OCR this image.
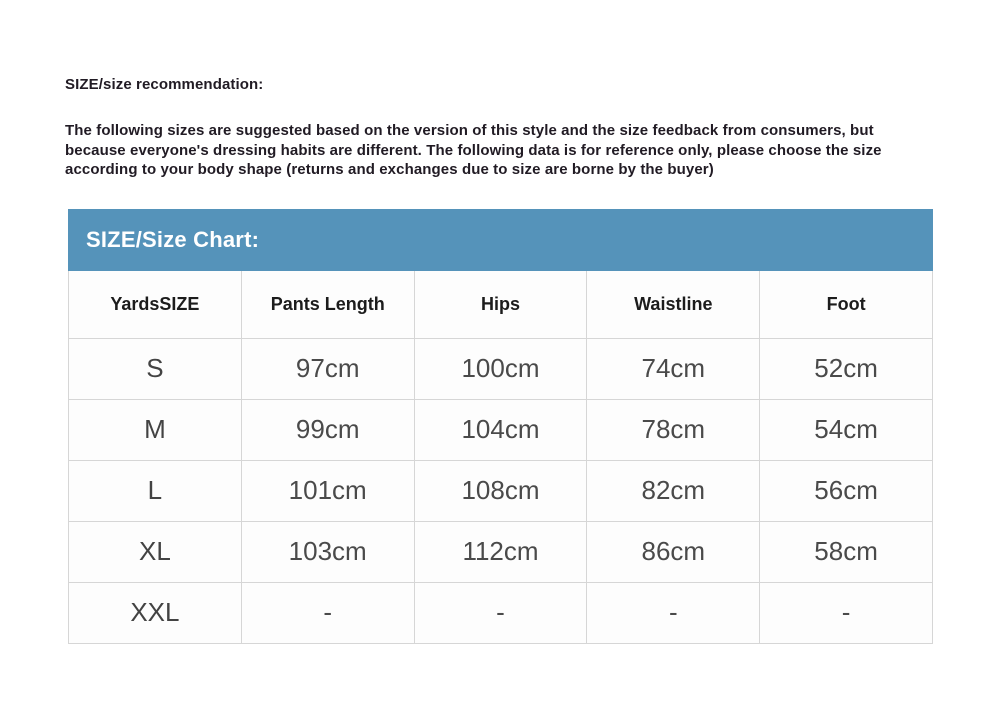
SIZE/size recommendation:

The following sizes are suggested based on the version of this style and the size feedback from consumers, but because everyone's dressing habits are different. The following data is for reference only, please choose the size according to your body shape (returns and exchanges due to size are borne by the buyer)

SIZE/Size Chart:
YardsSIZE	Pants Length	Hips	Waistline	Foot
S	97cm	100cm	74cm	52cm
M	99cm	104cm	78cm	54cm
L	101cm	108cm	82cm	56cm
XL	103cm	112cm	86cm	58cm
XXL	-	-	-	-
